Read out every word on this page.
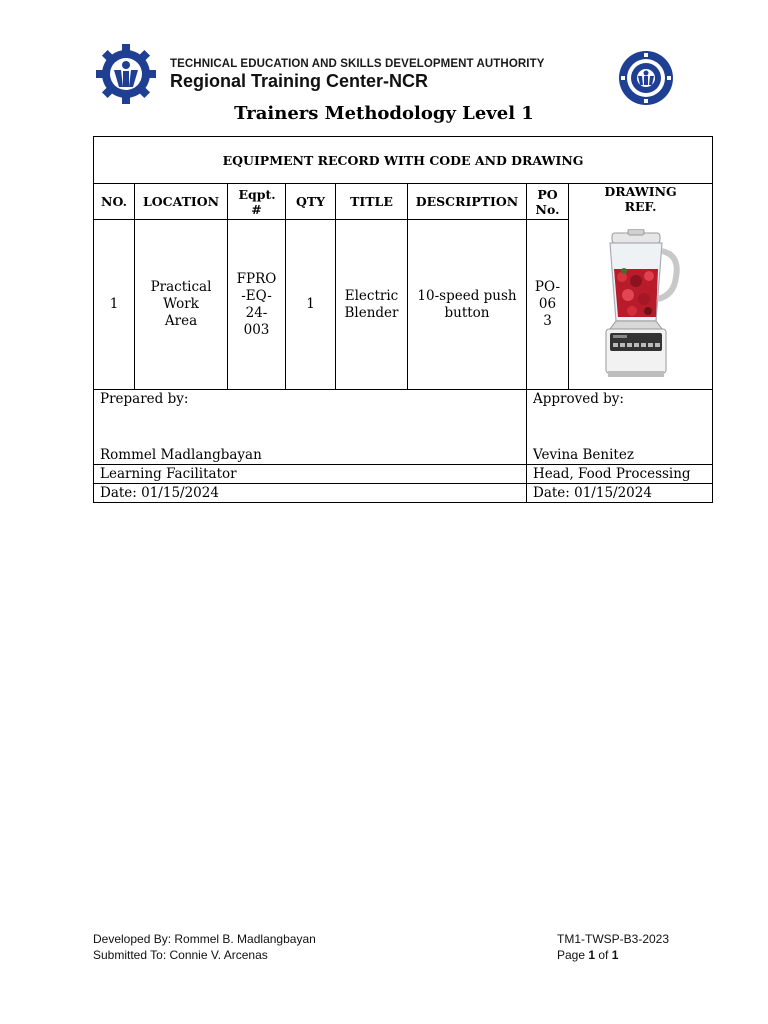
TECHNICAL EDUCATION AND SKILLS DEVELOPMENT AUTHORITY
Regional Training Center-NCR
Trainers Methodology Level 1
EQUIPMENT RECORD WITH CODE AND DRAWING							
NO.	LOCATION	Eqpt. #	QTY	TITLE	DESCRIPTION	PO No.	DRAWING REF.

1	Practical Work Area	FPRO -EQ- 24- 003	1	Electric Blender	10-speed push button	PO- 06 3

Prepared by:						Approved by:	
Rommel Madlangbayan						Vevina Benitez	
Learning Facilitator						Head, Food Processing	
Date: 01/15/2024						Date: 01/15/2024	
Developed By: Rommel B. Madlangbayan
Submitted To: Connie V. Arcenas
TM1-TWSP-B3-2023
Page 1 of 1
